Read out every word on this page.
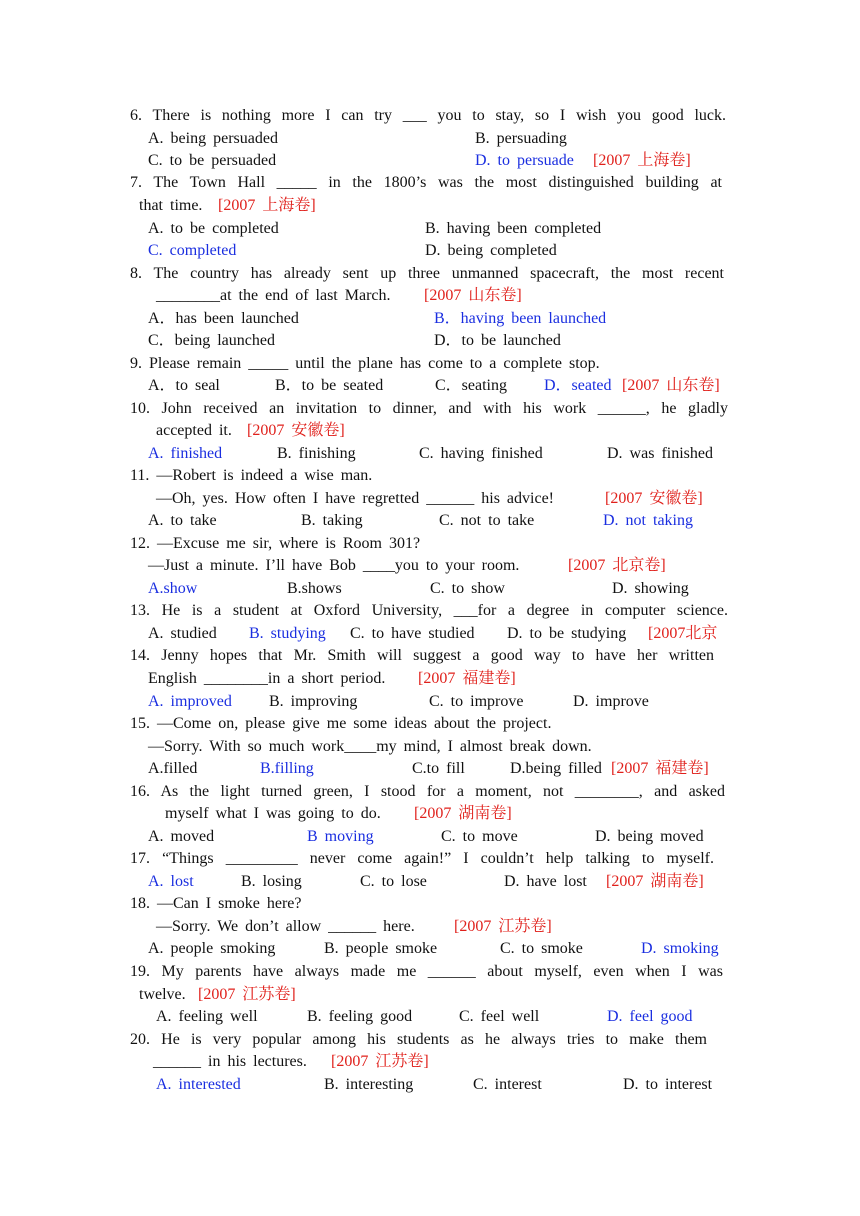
6. There is nothing more I can try ___ you to stay, so I wish you good luck.
A. being persuaded	B. persuading
C. to be persuaded	D. to persuade [2007 上海卷]
7. The Town Hall _____ in the 1800’s was the most distinguished building at
that time. [2007 上海卷]
A. to be completed	B. having been completed
C. completed	D. being completed
8. The country has already sent up three unmanned spacecraft, the most recent
________at the end of last March. [2007 山东卷]
A．has been launched	B．having been launched
C．being launched	D．to be launched
9. Please remain _____ until the plane has come to a complete stop.
A．to seal	B．to be seated	C．seating D．seated [2007 山东卷]
10. John received an invitation to dinner, and with his work ______, he gladly
accepted it. [2007 安徽卷]
A. finished	B. finishing	C. having finished	D. was finished
11. —Robert is indeed a wise man.
—Oh, yes. How often I have regretted ______ his advice!	[2007 安徽卷]
A. to take	B. taking	C. not to take	D. not taking
12. —Excuse me sir, where is Room 301?
—Just a minute. I’ll have Bob ____you to your room.	[2007 北京卷]
A.show	B.shows	C. to show	D. showing
13. He is a student at Oxford University, ___for a degree in computer science.
A. studied B. studying C. to have studied D. to be studying [2007北京
14. Jenny hopes that Mr. Smith will suggest a good way to have her written
English ________in a short period. [2007 福建卷]
A. improved B. improving	C. to improve	D. improve
15. —Come on, please give me some ideas about the project.
—Sorry. With so much work____my mind, I almost break down.
A.filled	B.filling	C.to fill	D.being filled [2007 福建卷]
16. As the light turned green, I stood for a moment, not ________, and asked
myself what I was going to do. [2007 湖南卷]
A. moved	B moving	C. to move	D. being moved
17. “Things _________ never come again!” I couldn’t help talking to myself.
A. lost	B. losing	C. to lose	D. have lost [2007 湖南卷]
18. —Can I smoke here?
—Sorry. We don’t allow ______ here. [2007 江苏卷]
A. people smoking	B. people smoke	C. to smoke	D. smoking
19. My parents have always made me ______ about myself, even when I was
twelve. [2007 江苏卷]
A. feeling well	B. feeling good	C. feel well	D. feel good
20. He is very popular among his students as he always tries to make them
______ in his lectures. [2007 江苏卷]
A. interested	B. interesting	C. interest	D. to interest
